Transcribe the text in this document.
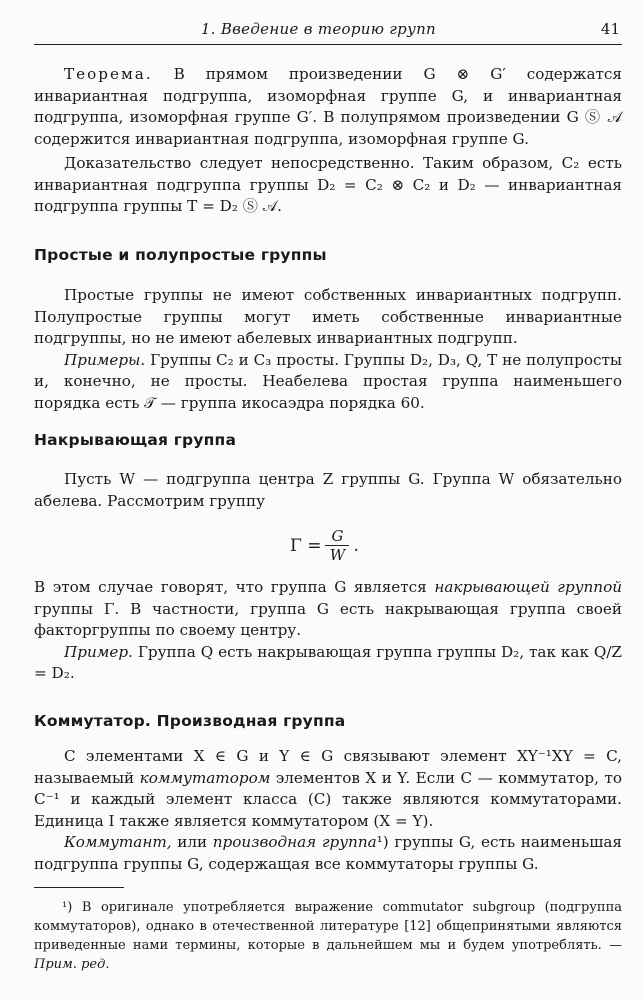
1. Введение в теорию групп	41

Теорема. В прямом произведении G ⊗ G′ содержатся инвариантная подгруппа, изоморфная группе G, и инвариантная подгруппа, изоморфная группе G′. В полупрямом произведении G Ⓢ 𝒜 содержится инвариантная подгруппа, изоморфная группе G.

Доказательство следует непосредственно. Таким образом, C₂ есть инвариантная подгруппа группы D₂ = C₂ ⊗ C₂ и D₂ — инвариантная подгруппа группы T = D₂ Ⓢ 𝒜.

Простые и полупростые группы

Простые группы не имеют собственных инвариантных подгрупп. Полупростые группы могут иметь собственные инвариантные подгруппы, но не имеют абелевых инвариантных подгрупп.

Примеры. Группы C₂ и C₃ просты. Группы D₂, D₃, Q, T не полупросты и, конечно, не просты. Неабелева простая группа наименьшего порядка есть 𝒯 — группа икосаэдра порядка 60.

Накрывающая группа

Пусть W — подгруппа центра Z группы G. Группа W обязательно абелева. Рассмотрим группу

$\Gamma = \frac{G}{W}$ .

В этом случае говорят, что группа G является накрывающей группой группы Γ. В частности, группа G есть накрывающая группа своей факторгруппы по своему центру.

Пример. Группа Q есть накрывающая группа группы D₂, так как Q/Z = D₂.

Коммутатор. Производная группа

С элементами X ∈ G и Y ∈ G связывают элемент XY⁻¹XY = C, называемый коммутатором элементов X и Y. Если C — коммутатор, то C⁻¹ и каждый элемент класса (C) также являются коммутаторами. Единица I также является коммутатором (X = Y).

Коммутант, или производная группа¹) группы G, есть наименьшая подгруппа группы G, содержащая все коммутаторы группы G.

¹) В оригинале употребляется выражение commutator subgroup (подгруппа коммутаторов), однако в отечественной литературе [12] общепринятыми являются приведенные нами термины, которые в дальнейшем мы и будем употреблять. — Прим. ред.
